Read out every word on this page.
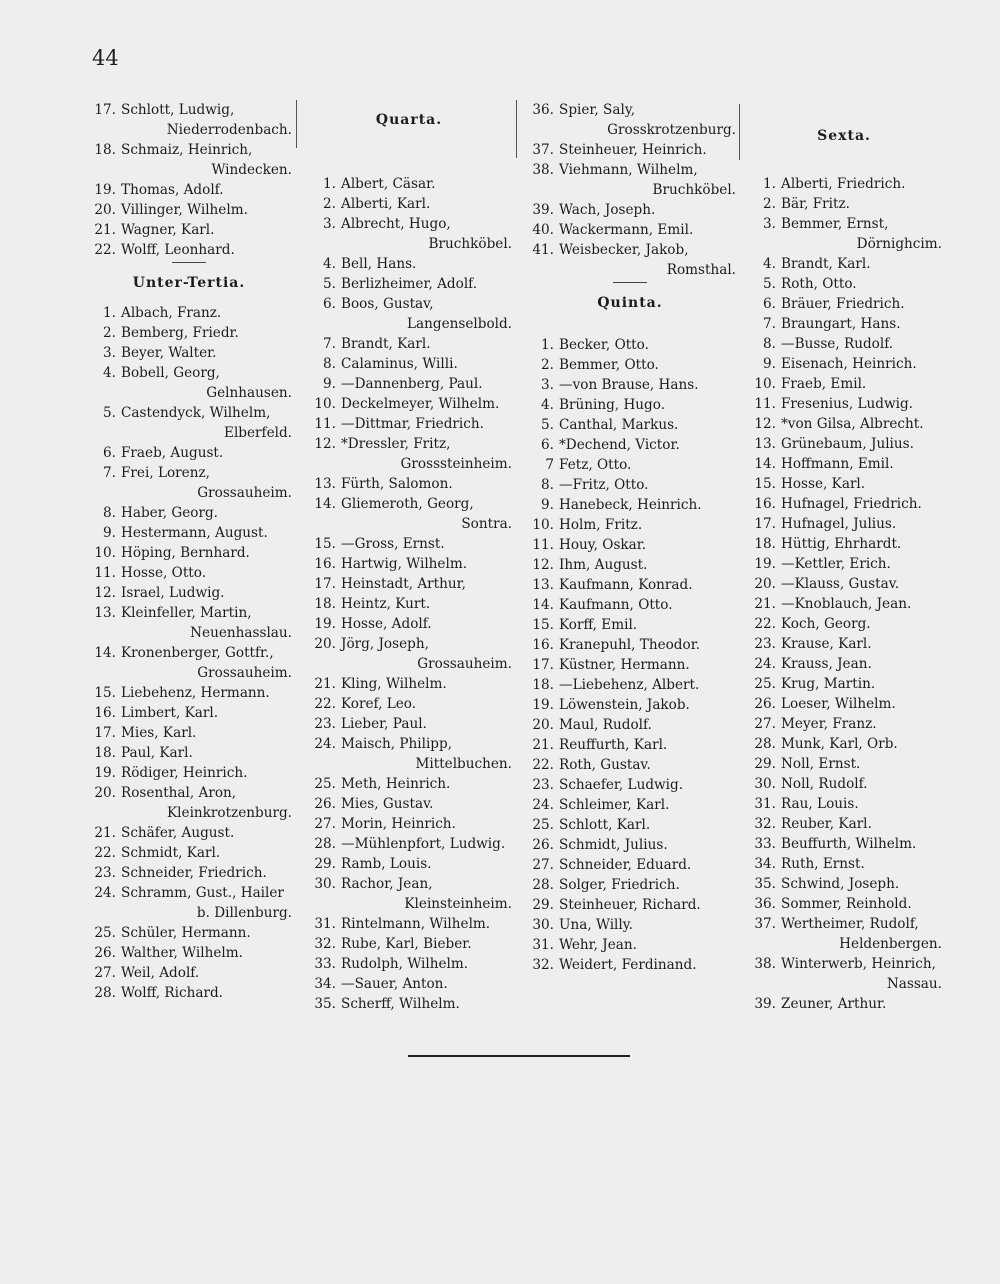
44
17. Schlott, Ludwig,
Niederrodenbach.
18. Schmaiz, Heinrich,
Windecken.
19. Thomas, Adolf.
20. Villinger, Wilhelm.
21. Wagner, Karl.
22. Wolff, Leonhard.
Unter-Tertia.
1. Albach, Franz.
2. Bemberg, Friedr.
3. Beyer, Walter.
4. Bobell, Georg,
Gelnhausen.
5. Castendyck, Wilhelm,
Elberfeld.
6. Fraeb, August.
7. Frei, Lorenz,
Grossauheim.
8. Haber, Georg.
9. Hestermann, August.
10. Höping, Bernhard.
11. Hosse, Otto.
12. Israel, Ludwig.
13. Kleinfeller, Martin,
Neuenhasslau.
14. Kronenberger, Gottfr.,
Grossauheim.
15. Liebehenz, Hermann.
16. Limbert, Karl.
17. Mies, Karl.
18. Paul, Karl.
19. Rödiger, Heinrich.
20. Rosenthal, Aron,
Kleinkrotzenburg.
21. Schäfer, August.
22. Schmidt, Karl.
23. Schneider, Friedrich.
24. Schramm, Gust., Hailer
b. Dillenburg.
25. Schüler, Hermann.
26. Walther, Wilhelm.
27. Weil, Adolf.
28. Wolff, Richard.
Quarta.
1. Albert, Cäsar.
2. Alberti, Karl.
3. Albrecht, Hugo,
Bruchköbel.
4. Bell, Hans.
5. Berlizheimer, Adolf.
6. Boos, Gustav,
Langenselbold.
7. Brandt, Karl.
8. Calaminus, Willi.
9. —Dannenberg, Paul.
10. Deckelmeyer, Wilhelm.
11. —Dittmar, Friedrich.
12. *Dressler, Fritz,
Grosssteinheim.
13. Fürth, Salomon.
14. Gliemeroth, Georg,
Sontra.
15. —Gross, Ernst.
16. Hartwig, Wilhelm.
17. Heinstadt, Arthur,
18. Heintz, Kurt.
19. Hosse, Adolf.
20. Jörg, Joseph,
Grossauheim.
21. Kling, Wilhelm.
22. Koref, Leo.
23. Lieber, Paul.
24. Maisch, Philipp,
Mittelbuchen.
25. Meth, Heinrich.
26. Mies, Gustav.
27. Morin, Heinrich.
28. —Mühlenpfort, Ludwig.
29. Ramb, Louis.
30. Rachor, Jean,
Kleinsteinheim.
31. Rintelmann, Wilhelm.
32. Rube, Karl, Bieber.
33. Rudolph, Wilhelm.
34. —Sauer, Anton.
35. Scherff, Wilhelm.
36. Spier, Saly,
Grosskrotzenburg.
37. Steinheuer, Heinrich.
38. Viehmann, Wilhelm,
Bruchköbel.
39. Wach, Joseph.
40. Wackermann, Emil.
41. Weisbecker, Jakob,
Romsthal.
Quinta.
1. Becker, Otto.
2. Bemmer, Otto.
3. —von Brause, Hans.
4. Brüning, Hugo.
5. Canthal, Markus.
6. *Dechend, Victor.
7 Fetz, Otto.
8. —Fritz, Otto.
9. Hanebeck, Heinrich.
10. Holm, Fritz.
11. Houy, Oskar.
12. Ihm, August.
13. Kaufmann, Konrad.
14. Kaufmann, Otto.
15. Korff, Emil.
16. Kranepuhl, Theodor.
17. Küstner, Hermann.
18. —Liebehenz, Albert.
19. Löwenstein, Jakob.
20. Maul, Rudolf.
21. Reuffurth, Karl.
22. Roth, Gustav.
23. Schaefer, Ludwig.
24. Schleimer, Karl.
25. Schlott, Karl.
26. Schmidt, Julius.
27. Schneider, Eduard.
28. Solger, Friedrich.
29. Steinheuer, Richard.
30. Una, Willy.
31. Wehr, Jean.
32. Weidert, Ferdinand.
Sexta.
1. Alberti, Friedrich.
2. Bär, Fritz.
3. Bemmer, Ernst,
Dörnighcim.
4. Brandt, Karl.
5. Roth, Otto.
6. Bräuer, Friedrich.
7. Braungart, Hans.
8. —Busse, Rudolf.
9. Eisenach, Heinrich.
10. Fraeb, Emil.
11. Fresenius, Ludwig.
12. *von Gilsa, Albrecht.
13. Grünebaum, Julius.
14. Hoffmann, Emil.
15. Hosse, Karl.
16. Hufnagel, Friedrich.
17. Hufnagel, Julius.
18. Hüttig, Ehrhardt.
19. —Kettler, Erich.
20. —Klauss, Gustav.
21. —Knoblauch, Jean.
22. Koch, Georg.
23. Krause, Karl.
24. Krauss, Jean.
25. Krug, Martin.
26. Loeser, Wilhelm.
27. Meyer, Franz.
28. Munk, Karl, Orb.
29. Noll, Ernst.
30. Noll, Rudolf.
31. Rau, Louis.
32. Reuber, Karl.
33. Beuffurth, Wilhelm.
34. Ruth, Ernst.
35. Schwind, Joseph.
36. Sommer, Reinhold.
37. Wertheimer, Rudolf,
Heldenbergen.
38. Winterwerb, Heinrich,
Nassau.
39. Zeuner, Arthur.
